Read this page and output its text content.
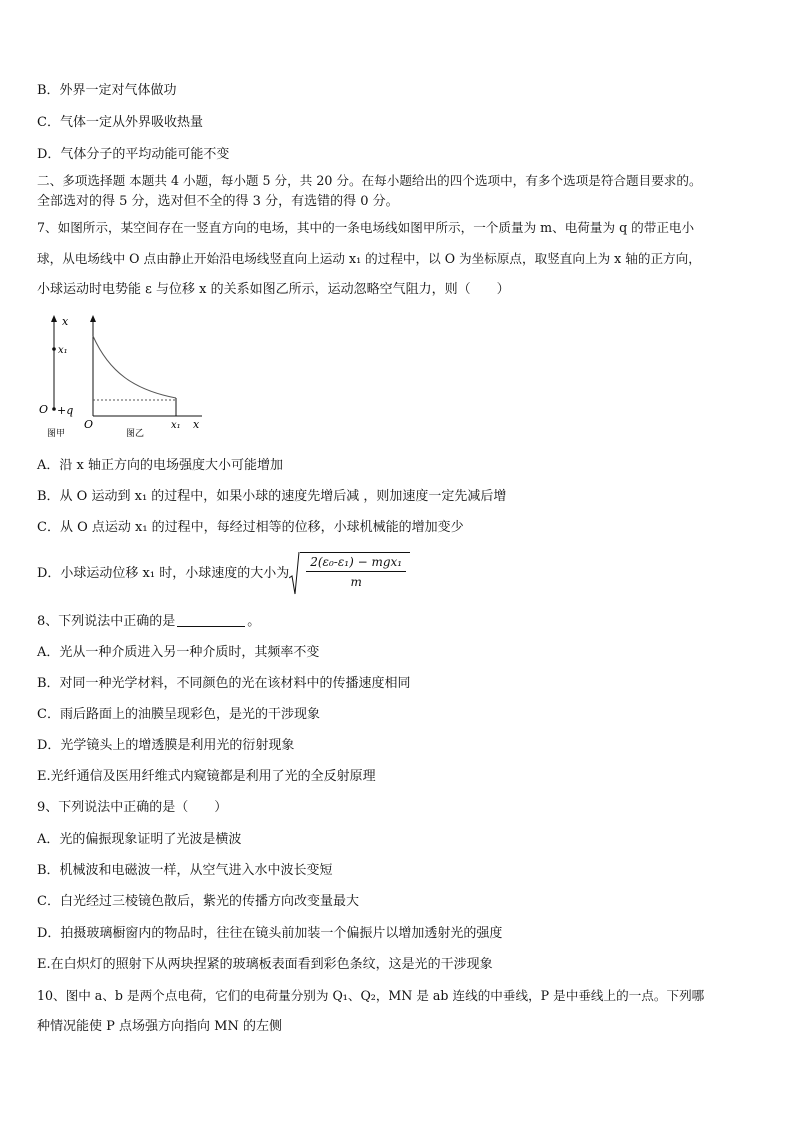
B．外界一定对气体做功
C．气体一定从外界吸收热量
D．气体分子的平均动能可能不变
二、多项选择题 本题共 4 小题，每小题 5 分，共 20 分。在每小题给出的四个选项中，有多个选项是符合题目要求的。
全部选对的得 5 分，选对但不全的得 3 分，有选错的得 0 分。
7、如图所示，某空间存在一竖直方向的电场，其中的一条电场线如图甲所示，一个质量为 m、电荷量为 q 的带正电小
球，从电场线中 O 点由静止开始沿电场线竖直向上运动 x₁ 的过程中，以 O 为坐标原点，取竖直向上为 x 轴的正方向，
小球运动时电势能 ε 与位移 x 的关系如图乙所示，运动忽略空气阻力，则（　　）
x
x₁
O +q
图甲
O	x₁ x
图乙
A．沿 x 轴正方向的电场强度大小可能增加
B．从 O 运动到 x₁ 的过程中，如果小球的速度先增后减 ，则加速度一定先减后增
C．从 O 点运动 x₁ 的过程中，每经过相等的位移，小球机械能的增加变少
D．小球运动位移 x₁ 时，小球速度的大小为 $\frac{\text{2(ε₀-ε₁) − mgx₁}}{m}$
8、下列说法中正确的是	。
A．光从一种介质进入另一种介质时，其频率不变
B．对同一种光学材料，不同颜色的光在该材料中的传播速度相同
C．雨后路面上的油膜呈现彩色，是光的干涉现象
D．光学镜头上的增透膜是利用光的衍射现象
E.光纤通信及医用纤维式内窥镜都是利用了光的全反射原理
9、下列说法中正确的是（　　）
A．光的偏振现象证明了光波是横波
B．机械波和电磁波一样，从空气进入水中波长变短
C．白光经过三棱镜色散后，紫光的传播方向改变量最大
D．拍摄玻璃橱窗内的物品时，往往在镜头前加装一个偏振片以增加透射光的强度
E.在白炽灯的照射下从两块捏紧的玻璃板表面看到彩色条纹，这是光的干涉现象
10、图中 a、b 是两个点电荷，它们的电荷量分别为 Q₁、Q₂，MN 是 ab 连线的中垂线，P 是中垂线上的一点。下列哪
种情况能使 P 点场强方向指向 MN 的左侧
